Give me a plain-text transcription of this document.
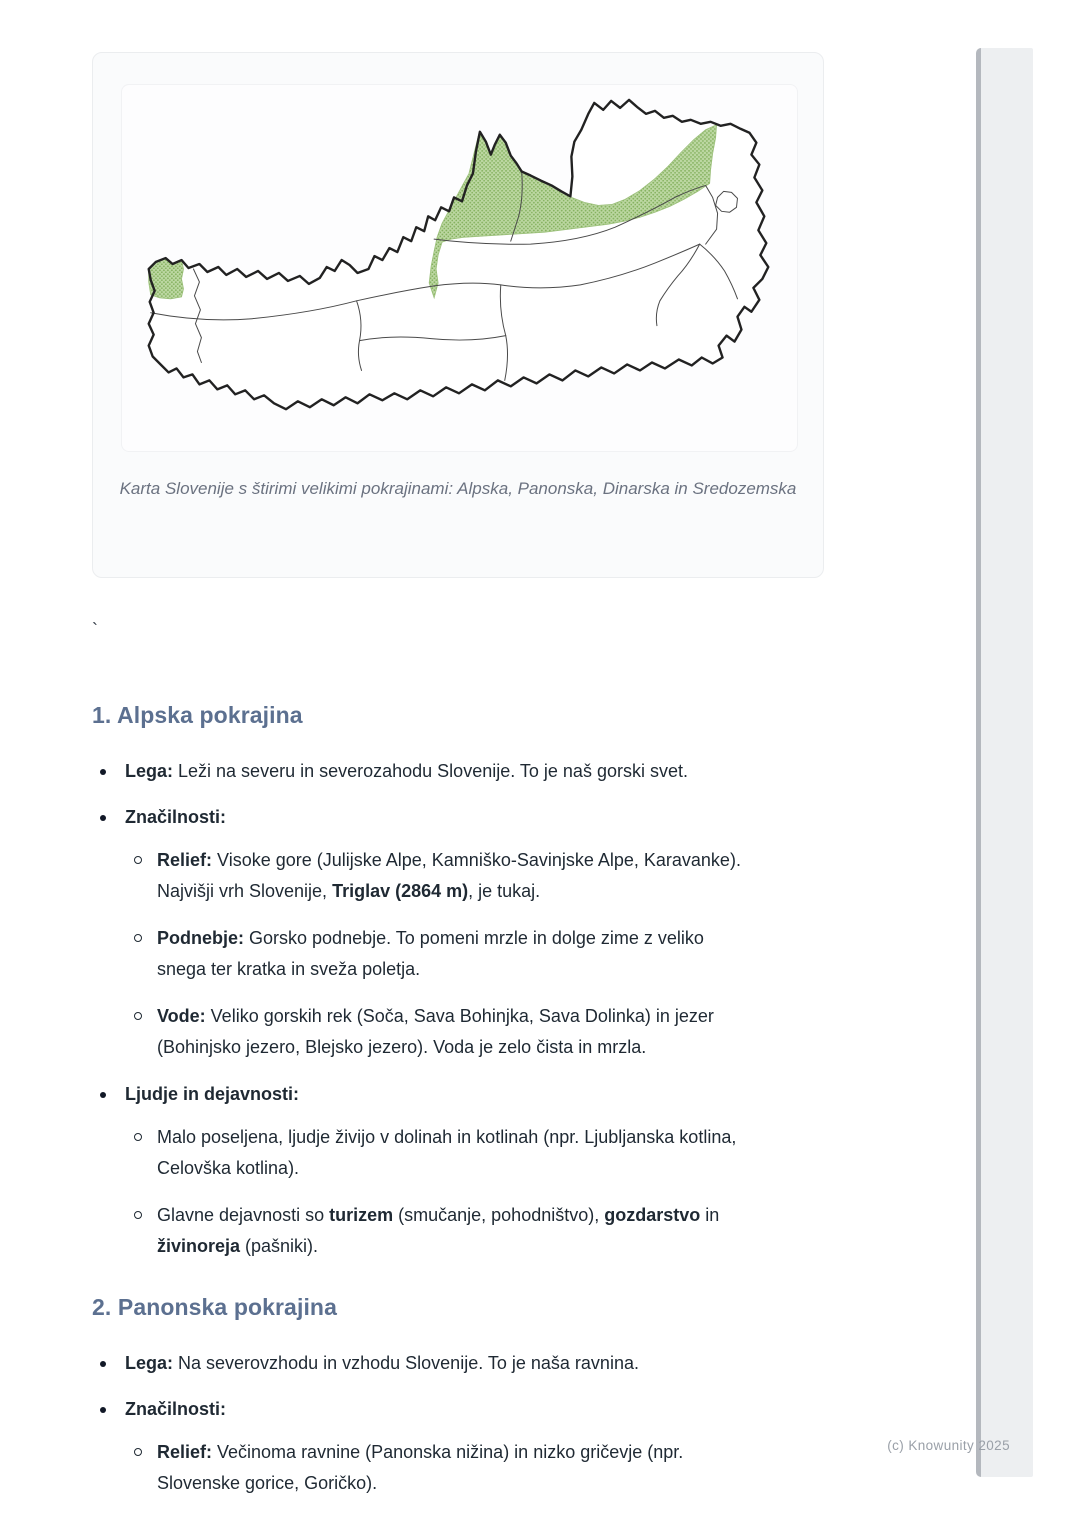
Karta Slovenije s štirimi velikimi pokrajinami: Alpska, Panonska, Dinarska in Sredozemska
`
1. Alpska pokrajina
Lega: Leži na severu in severozahodu Slovenije. To je naš gorski svet.
Značilnosti:
Relief: Visoke gore (Julijske Alpe, Kamniško-Savinjske Alpe, Karavanke). Najvišji vrh Slovenije, Triglav (2864 m), je tukaj.
Podnebje: Gorsko podnebje. To pomeni mrzle in dolge zime z veliko snega ter kratka in sveža poletja.
Vode: Veliko gorskih rek (Soča, Sava Bohinjka, Sava Dolinka) in jezer (Bohinjsko jezero, Blejsko jezero). Voda je zelo čista in mrzla.
Ljudje in dejavnosti:
Malo poseljena, ljudje živijo v dolinah in kotlinah (npr. Ljubljanska kotlina, Celovška kotlina).
Glavne dejavnosti so turizem (smučanje, pohodništvo), gozdarstvo in živinoreja (pašniki).
2. Panonska pokrajina
Lega: Na severovzhodu in vzhodu Slovenije. To je naša ravnina.
Značilnosti:
Relief: Večinoma ravnine (Panonska nižina) in nizko gričevje (npr. Slovenske gorice, Goričko).
(c) Knowunity 2025
